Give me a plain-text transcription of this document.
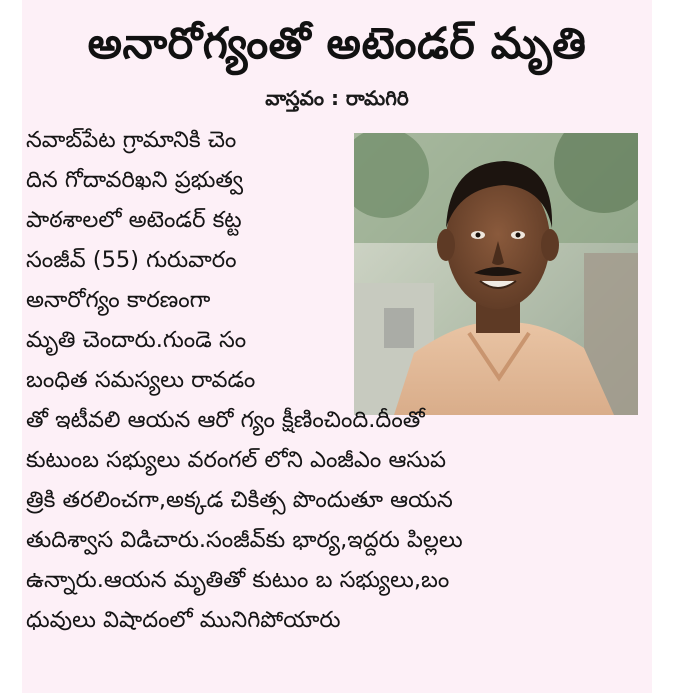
అనారోగ్యంతో అటెండర్ మృతి
వాస్తవం : రామగిరి
నవాబ్‌పేట గ్రామానికి చెం
దిన గోదావరిఖని ప్రభుత్వ
పాఠశాలలో అటెండర్ కట్ట
సంజీవ్ (55) గురువారం
అనారోగ్యం కారణంగా
మృతి చెందారు.గుండె సం
బంధిత సమస్యలు రావడం
తో ఇటీవలి ఆయన ఆరో గ్యం క్షీణించింది.దీంతో
కుటుంబ సభ్యులు వరంగల్ లోని ఎంజీఎం ఆసుప
త్రికి తరలించగా,అక్కడ చికిత్స పొందుతూ ఆయన
తుదిశ్వాస విడిచారు.సంజీవ్‌కు భార్య,ఇద్దరు పిల్లలు
ఉన్నారు.ఆయన మృతితో కుటుం బ సభ్యులు,బం
ధువులు విషాదంలో మునిగిపోయారు
